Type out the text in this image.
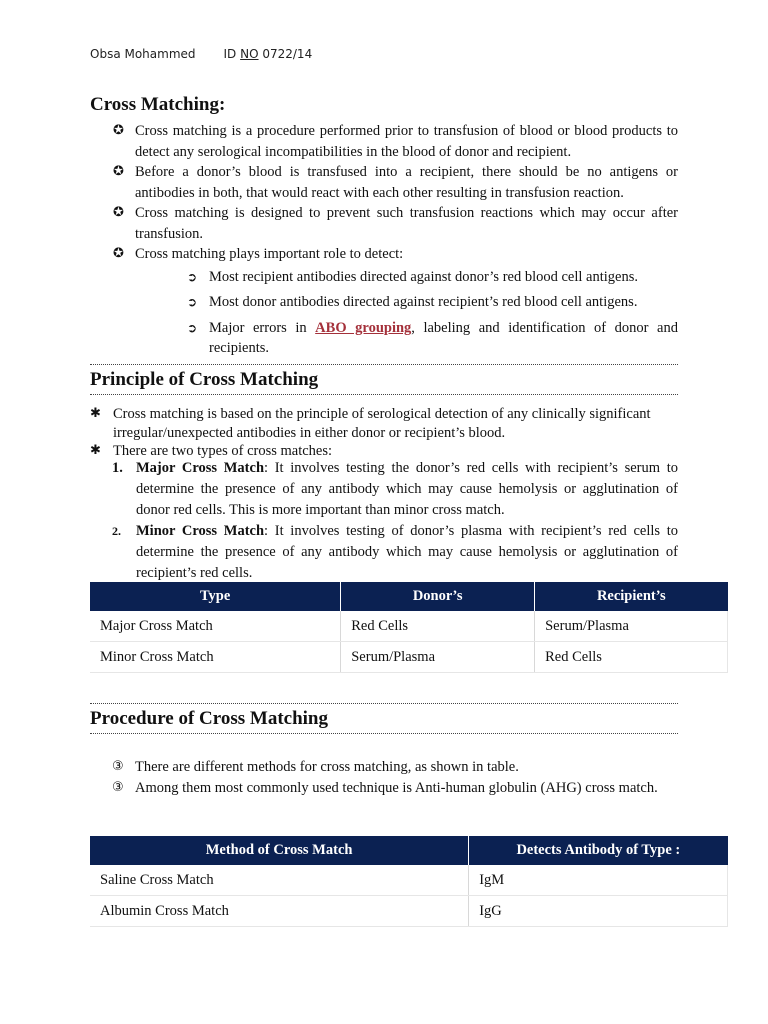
Obsa Mohammed ID NO 0722/14
Cross Matching:
✪ Cross matching is a procedure performed prior to transfusion of blood or blood products to detect any serological incompatibilities in the blood of donor and recipient.
✪ Before a donor’s blood is transfused into a recipient, there should be no antigens or antibodies in both, that would react with each other resulting in transfusion reaction.
✪ Cross matching is designed to prevent such transfusion reactions which may occur after transfusion.
✪ Cross matching plays important role to detect:
➲ Most recipient antibodies directed against donor’s red blood cell antigens.
➲ Most donor antibodies directed against recipient’s red blood cell antigens.
➲ Major errors in ABO grouping, labeling and identification of donor and recipients.
Principle of Cross Matching
✱ Cross matching is based on the principle of serological detection of any clinically significant irregular/unexpected antibodies in either donor or recipient’s blood.
✱ There are two types of cross matches:
1. Major Cross Match: It involves testing the donor’s red cells with recipient’s serum to determine the presence of any antibody which may cause hemolysis or agglutination of donor red cells. This is more important than minor cross match.
2. Minor Cross Match: It involves testing of donor’s plasma with recipient’s red cells to determine the presence of any antibody which may cause hemolysis or agglutination of recipient’s red cells.
Type	Donor’s	Recipient’s
Major Cross Match	Red Cells	Serum/Plasma
Minor Cross Match	Serum/Plasma	Red Cells
Procedure of Cross Matching
③ There are different methods for cross matching, as shown in table.
③ Among them most commonly used technique is Anti-human globulin (AHG) cross match.
Method of Cross Match	Detects Antibody of Type :
Saline Cross Match	IgM
Albumin Cross Match	IgG
